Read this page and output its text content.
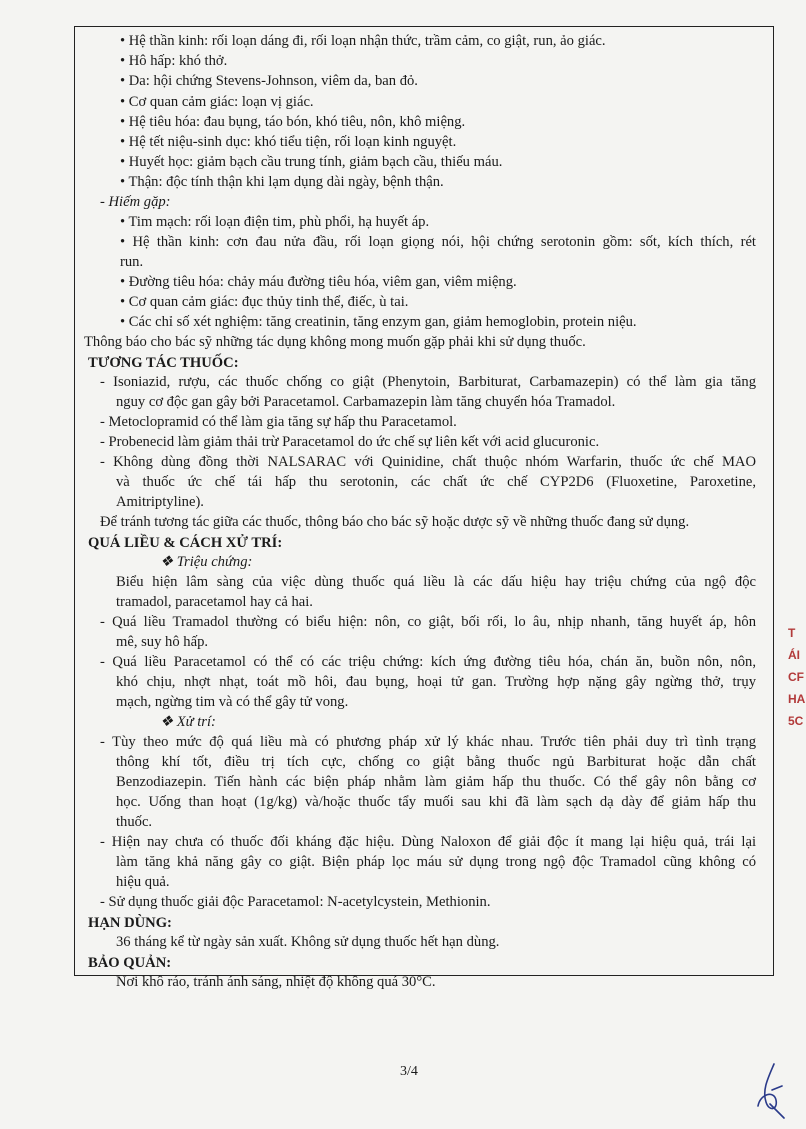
• Hệ thần kinh: rối loạn dáng đi, rối loạn nhận thức, trầm cảm, co giật, run, ảo giác.
• Hô hấp: khó thở.
• Da: hội chứng Stevens-Johnson, viêm da, ban đỏ.
• Cơ quan cảm giác: loạn vị giác.
• Hệ tiêu hóa: đau bụng, táo bón, khó tiêu, nôn, khô miệng.
• Hệ tết niệu-sinh dục: khó tiểu tiện, rối loạn kinh nguyệt.
• Huyết học: giảm bạch cầu trung tính, giảm bạch cầu, thiếu máu.
• Thận: độc tính thận khi lạm dụng dài ngày, bệnh thận.
- Hiếm gặp:
• Tim mạch: rối loạn điện tim, phù phổi, hạ huyết áp.
• Hệ thần kinh: cơn đau nửa đầu, rối loạn giọng nói, hội chứng serotonin gồm: sốt, kích thích, rét
run.
• Đường tiêu hóa: chảy máu đường tiêu hóa, viêm gan, viêm miệng.
• Cơ quan cảm giác: đục thủy tinh thể, điếc, ù tai.
• Các chỉ số xét nghiệm: tăng creatinin, tăng enzym gan, giảm hemoglobin, protein niệu.
Thông báo cho bác sỹ những tác dụng không mong muốn gặp phải khi sử dụng thuốc.
TƯƠNG TÁC THUỐC:
- Isoniazid, rượu, các thuốc chống co giật (Phenytoin, Barbiturat, Carbamazepin) có thể làm gia tăng
nguy cơ độc gan gây bởi Paracetamol. Carbamazepin làm tăng chuyển hóa Tramadol.
- Metoclopramid có thể làm gia tăng sự hấp thu Paracetamol.
- Probenecid làm giảm thải trừ Paracetamol do ức chế sự liên kết với acid glucuronic.
- Không dùng đồng thời NALSARAC với Quinidine, chất thuộc nhóm Warfarin, thuốc ức chế MAO
và thuốc ức chế tái hấp thu serotonin, các chất ức chế CYP2D6 (Fluoxetine, Paroxetine,
Amitriptyline).
Để tránh tương tác giữa các thuốc, thông báo cho bác sỹ hoặc dược sỹ về những thuốc đang sử dụng.
QUÁ LIỀU & CÁCH XỬ TRÍ:
❖ Triệu chứng:
Biểu hiện lâm sàng của việc dùng thuốc quá liều là các dấu hiệu hay triệu chứng của ngộ độc
tramadol, paracetamol hay cả hai.
- Quá liều Tramadol thường có biểu hiện: nôn, co giật, bối rối, lo âu, nhịp nhanh, tăng huyết áp, hôn
mê, suy hô hấp.
- Quá liều Paracetamol có thể có các triệu chứng: kích ứng đường tiêu hóa, chán ăn, buồn nôn, nôn,
khó chịu, nhợt nhạt, toát mồ hôi, đau bụng, hoại tử gan. Trường hợp nặng gây ngừng thở, trụy
mạch, ngừng tim và có thể gây tử vong.
❖ Xử trí:
- Tùy theo mức độ quá liều mà có phương pháp xử lý khác nhau. Trước tiên phải duy trì tình trạng
thông khí tốt, điều trị tích cực, chống co giật bằng thuốc ngủ Barbiturat hoặc dẫn chất
Benzodiazepin. Tiến hành các biện pháp nhằm làm giảm hấp thu thuốc. Có thể gây nôn bằng cơ
học. Uống than hoạt (1g/kg) và/hoặc thuốc tẩy muối sau khi đã làm sạch dạ dày để giảm hấp thu
thuốc.
- Hiện nay chưa có thuốc đối kháng đặc hiệu. Dùng Naloxon để giải độc ít mang lại hiệu quả, trái lại
làm tăng khả năng gây co giật. Biện pháp lọc máu sử dụng trong ngộ độc Tramadol cũng không có
hiệu quả.
- Sử dụng thuốc giải độc Paracetamol: N-acetylcystein, Methionin.
HẠN DÙNG:
36 tháng kể từ ngày sản xuất. Không sử dụng thuốc hết hạn dùng.
BẢO QUẢN:
Nơi khô ráo, tránh ánh sáng, nhiệt độ không quá 30°C.
3/4
T
ÁI
CF
HA
5C
